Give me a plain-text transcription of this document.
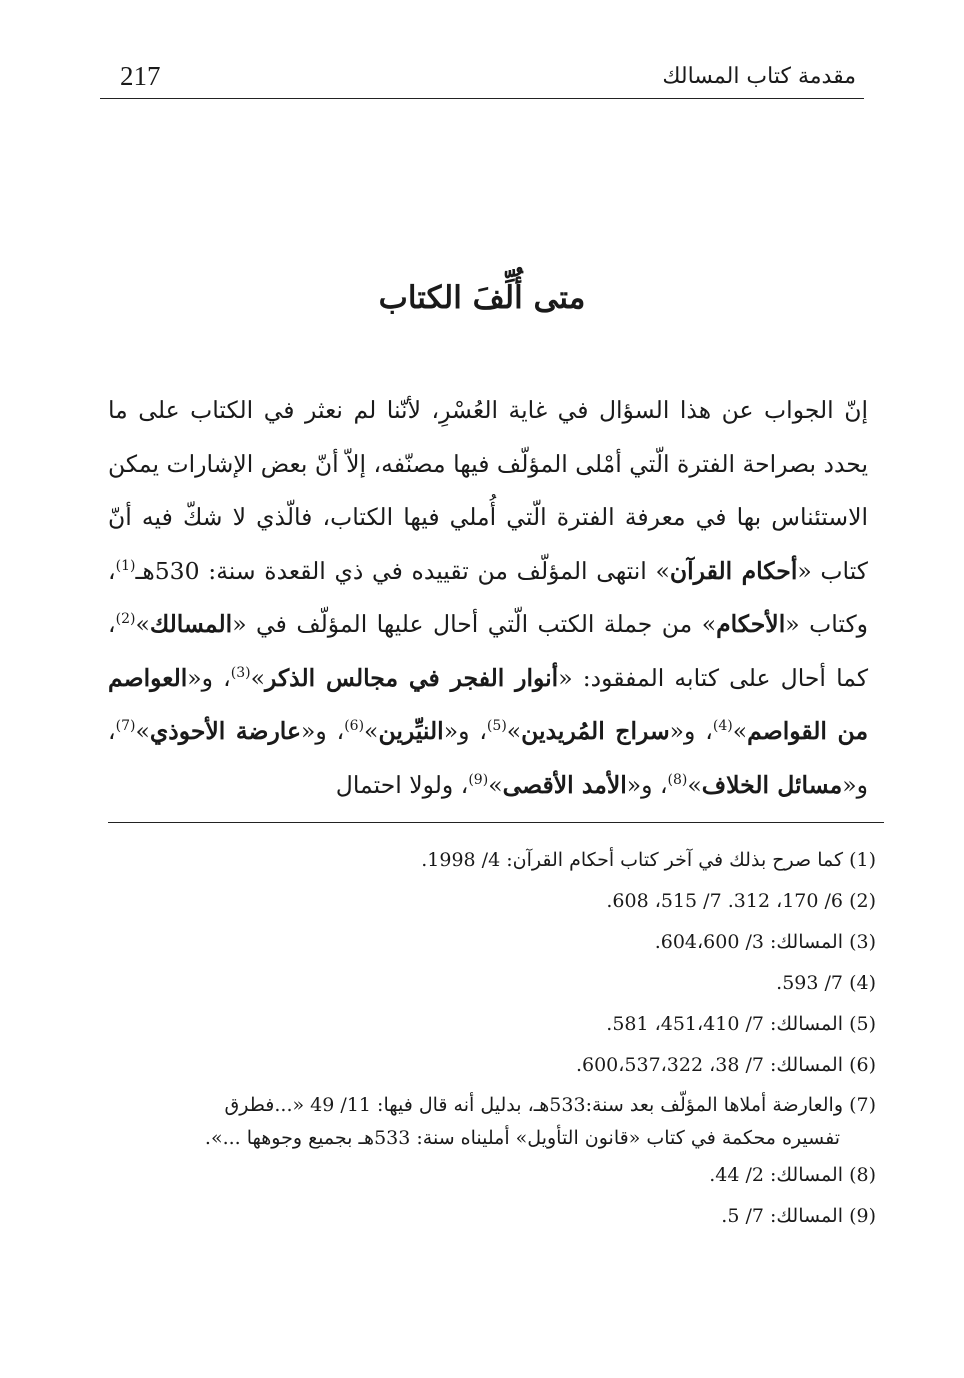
217	مقدمة كتاب المسالك
متى أُلِّفَ الكتاب
إنّ الجواب عن هذا السؤال في غاية العُسْرِ، لأنّنا لم نعثر في الكتاب على ما يحدد بصراحة الفترة الّتي أمْلى المؤلّف فيها مصنّفه، إلاّ أنّ بعض الإشارات يمكن الاستئناس بها في معرفة الفترة الّتي أُملي فيها الكتاب، فالّذي لا شكّ فيه أنّ كتاب «أحكام القرآن» انتهى المؤلّف من تقييده في ذي القعدة سنة: 530هـ$^{(1)}$، وكتاب «الأحكام» من جملة الكتب الّتي أحال عليها المؤلّف في «المسالك»$^{(2)}$، كما أحال على كتابه المفقود: «أنوار الفجر في مجالس الذكر»$^{(3)}$، و«العواصم من القواصم»$^{(4)}$، و«سراج المُريدين»$^{(5)}$، و«النيِّرين»$^{(6)}$، و«عارضة الأحوذي»$^{(7)}$، و«مسائل الخلاف»$^{(8)}$، و«الأمد الأقصى»$^{(9)}$، ولولا احتمال
(1) كما صرح بذلك في آخر كتاب أحكام القرآن: 4/ 1998.
(2) 6/ 170، 312. 7/ 515، 608.
(3) المسالك: 3/ 604،600.
(4) 7/ 593.
(5) المسالك: 7/ 451،410، 581.
(6) المسالك: 7/ 38، 600،537،322.
(7) والعارضة أملاها المؤلّف بعد سنة:533هـ، بدليل أنه قال فيها: 11/ 49 «...فطرق
تفسيره محكمة في كتاب «قانون التأويل» أمليناه سنة: 533هـ بجميع وجوهها ...».
(8) المسالك: 2/ 44.
(9) المسالك: 7/ 5.
